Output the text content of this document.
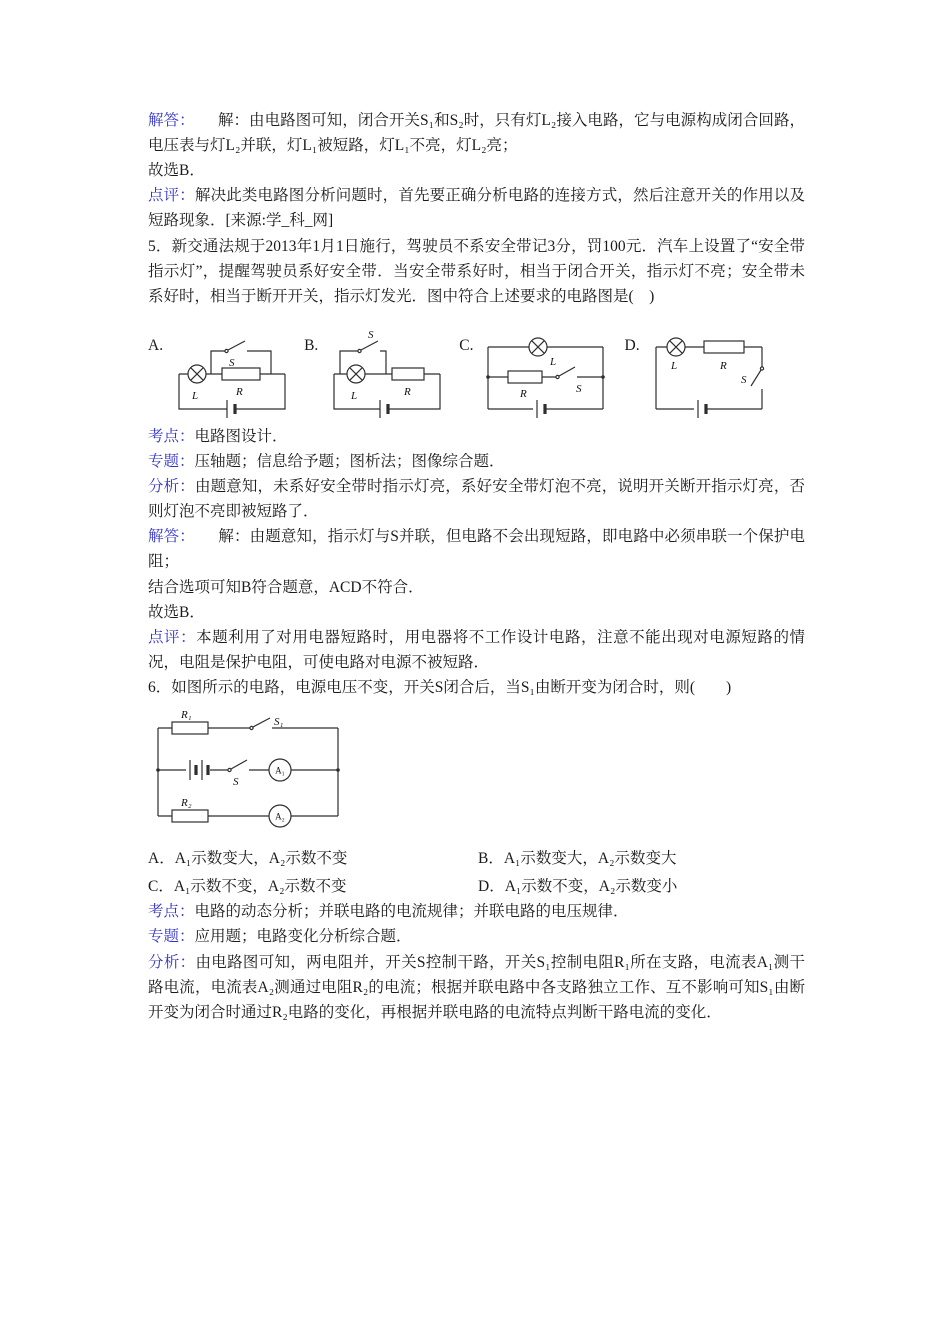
解答：　　解：由电路图可知，闭合开关S₁和S₂时，只有灯L₂接入电路，它与电源构成闭合回路，电压表与灯L₂并联，灯L₁被短路，灯L₁不亮，灯L₂亮；

故选B．

点评：解决此类电路图分析问题时，首先要正确分析电路的连接方式，然后注意开关的作用以及短路现象．[来源:学_科_网]

5．新交通法规于2013年1月1日施行，驾驶员不系安全带记3分，罚100元．汽车上设置了“安全带指示灯”，提醒驾驶员系好安全带．当安全带系好时，相当于闭合开关，指示灯不亮；安全带未系好时，相当于断开开关，指示灯发光．图中符合上述要求的电路图是(　)

A.
S
L	R
B.
S
L	R
C.
L
R	S
D.
L	R
S

考点：电路图设计．

专题：压轴题；信息给予题；图析法；图像综合题．

分析：由题意知，未系好安全带时指示灯亮，系好安全带灯泡不亮，说明开关断开指示灯亮，否则灯泡不亮即被短路了．

解答：　　解：由题意知，指示灯与S并联，但电路不会出现短路，即电路中必须串联一个保护电阻；

结合选项可知B符合题意，ACD不符合．

故选B．

点评：本题利用了对用电器短路时，用电器将不工作设计电路，注意不能出现对电源短路的情况，电阻是保护电阻，可使电路对电源不被短路．

6．如图所示的电路，电源电压不变，开关S闭合后，当S₁由断开变为闭合时，则(　　)

R₁
S₁
S
A₁
R₂
A₂
A．A₁示数变大，A₂示数不变	B．A₁示数变大，A₂示数变大
C．A₁示数不变，A₂示数不变	D．A₁示数不变，A₂示数变小

考点：电路的动态分析；并联电路的电流规律；并联电路的电压规律．

专题：应用题；电路变化分析综合题．

分析：由电路图可知，两电阻并，开关S控制干路，开关S₁控制电阻R₁所在支路，电流表A₁测干路电流，电流表A₂测通过电阻R₂的电流；根据并联电路中各支路独立工作、互不影响可知S₁由断开变为闭合时通过R₂电路的变化，再根据并联电路的电流特点判断干路电流的变化．
